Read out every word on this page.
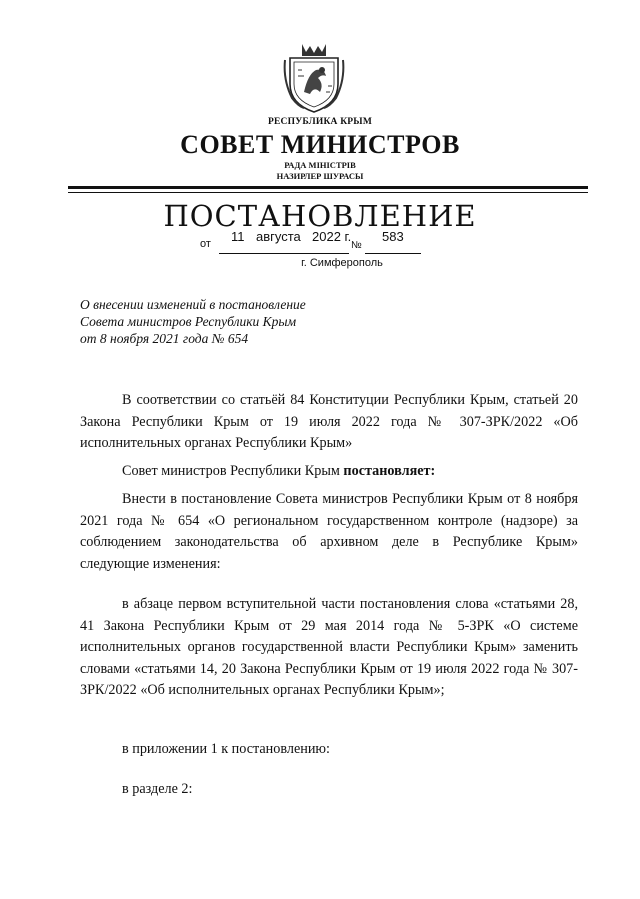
РЕСПУБЛИКА КРЫМ
СОВЕТ МИНИСТРОВ
РАДА МІНІСТРІВ
НАЗИРЛЕР ШУРАСЫ
ПОСТАНОВЛЕНИЕ
11 августа 2022 г. 583
от	№
г. Симферополь
О внесении изменений в постановление
Совета министров Республики Крым
от 8 ноября 2021 года № 654

В соответствии со статьёй 84 Конституции Республики Крым, статьей 20 Закона Республики Крым от 19 июля 2022 года № 307-ЗРК/2022 «Об исполнительных органах Республики Крым»

Совет министров Республики Крым постановляет:

Внести в постановление Совета министров Республики Крым от 8 ноября 2021 года № 654 «О региональном государственном контроле (надзоре) за соблюдением законодательства об архивном деле в Республике Крым» следующие изменения:

в абзаце первом вступительной части постановления слова «статьями 28, 41 Закона Республики Крым от 29 мая 2014 года № 5-ЗРК «О системе исполнительных органов государственной власти Республики Крым» заменить словами «статьями 14, 20 Закона Республики Крым от 19 июля 2022 года № 307-ЗРК/2022 «Об исполнительных органах Республики Крым»;

в приложении 1 к постановлению:

в разделе 2:
